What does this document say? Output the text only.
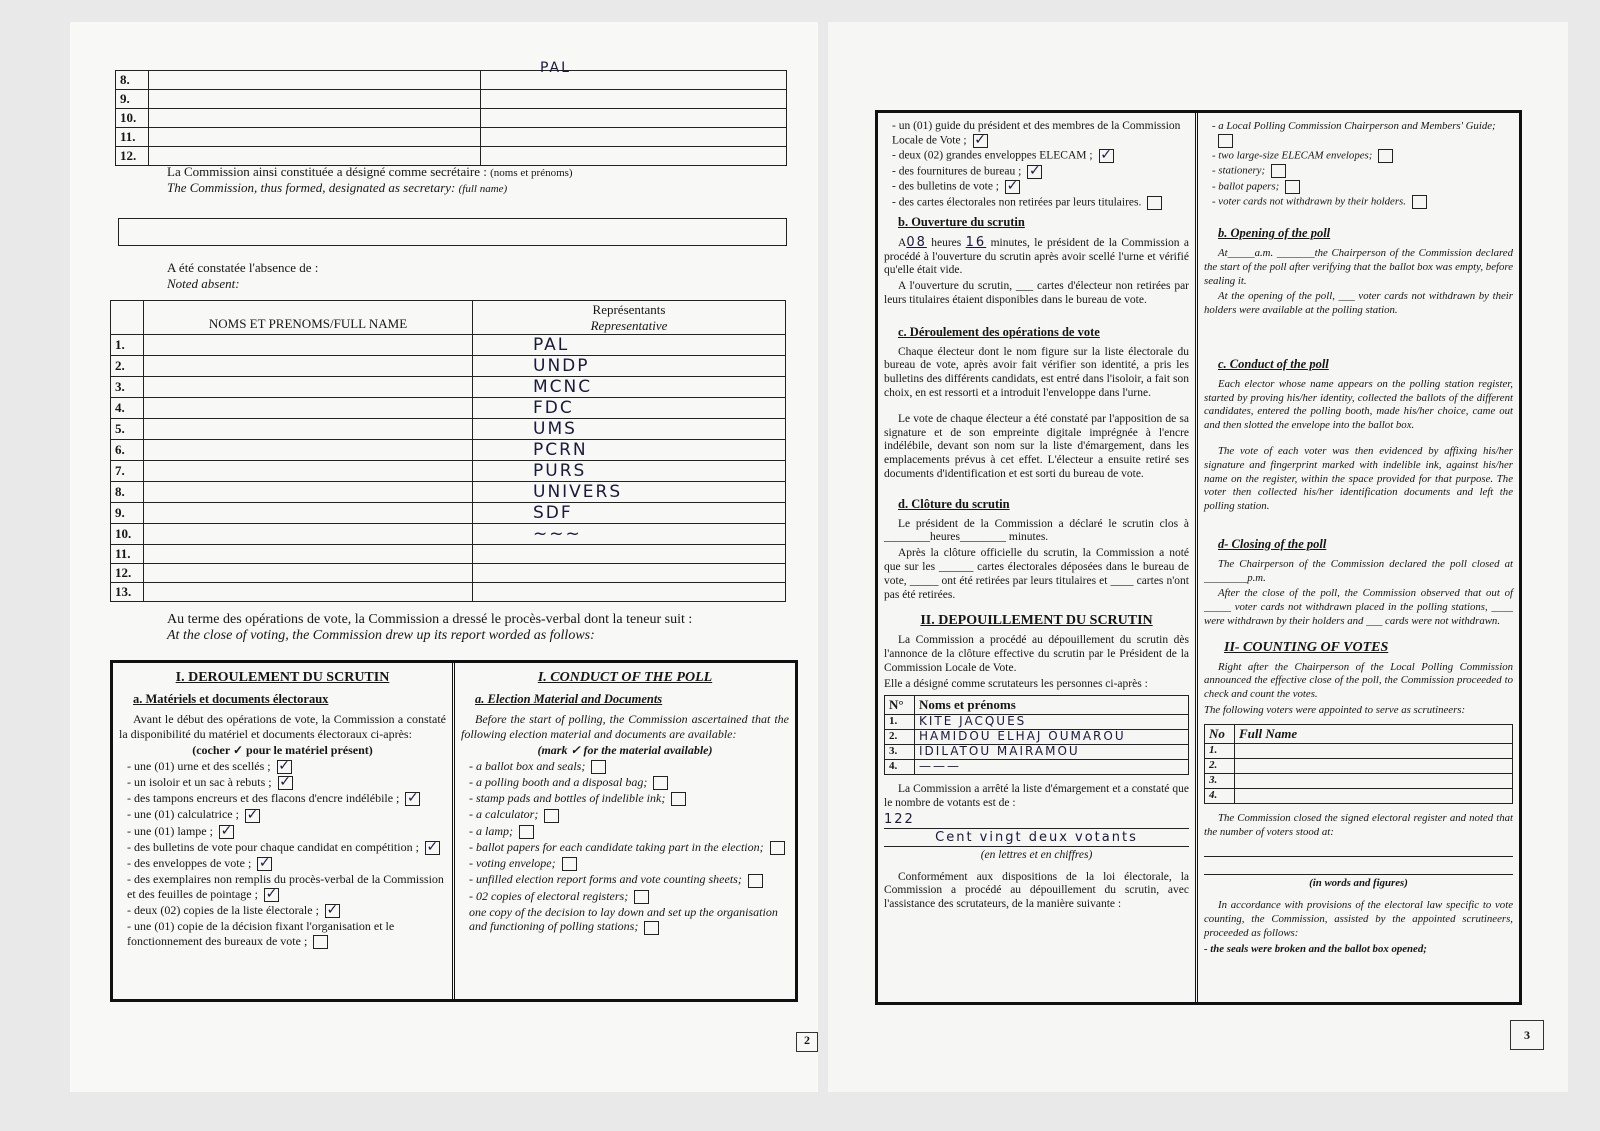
8.		
9.		
10.		
11.		
12.		
PAL
La Commission ainsi constituée a désigné comme secrétaire : (noms et prénoms)
The Commission, thus formed, designated as secretary: (full name)
A été constatée l'absence de :
Noted absent:
	NOMS ET PRENOMS/FULL NAME	Représentants
Representative

1.		PAL
2.		UNDP
3.		MCNC
4.		FDC
5.		UMS
6.		PCRN
7.		PURS
8.		UNIVERS
9.		SDF
10.		~~~
11.		
12.		
13.		
Au terme des opérations de vote, la Commission a dressé le procès-verbal dont la teneur suit :
At the close of voting, the Commission drew up its report worded as follows:
I. DEROULEMENT DU SCRUTIN
a. Matériels et documents électoraux

Avant le début des opérations de vote, la Commission a constaté la disponibilité du matériel et documents électoraux ci-après:

(cocher ✓ pour le matériel présent)
- une (01) urne et des scellés ; ✓
- un isoloir et un sac à rebuts ; ✓
- des tampons encreurs et des flacons d'encre indélébile ; ✓
- une (01) calculatrice ; ✓
- une (01) lampe ; ✓
- des bulletins de vote pour chaque candidat en compétition ; ✓
- des enveloppes de vote ; ✓
- des exemplaires non remplis du procès-verbal de la Commission et des feuilles de pointage ; ✓
- deux (02) copies de la liste électorale ; ✓
- une (01) copie de la décision fixant l'organisation et le fonctionnement des bureaux de vote ;
I. CONDUCT OF THE POLL
a. Election Material and Documents

Before the start of polling, the Commission ascertained that the following election material and documents are available:

(mark ✓ for the material available)
- a ballot box and seals;
- a polling booth and a disposal bag;
- stamp pads and bottles of indelible ink;
- a calculator;
- a lamp;
- ballot papers for each candidate taking part in the election;
- voting envelope;
- unfilled election report forms and vote counting sheets;
- 02 copies of electoral registers;
one copy of the decision to lay down and set up the organisation and functioning of polling stations;
2
- un (01) guide du président et des membres de la Commission Locale de Vote ; ✓
- deux (02) grandes enveloppes ELECAM ; ✓
- des fournitures de bureau ; ✓
- des bulletins de vote ; ✓
- des cartes électorales non retirées par leurs titulaires.
b. Ouverture du scrutin

A08 heures 16 minutes, le président de la Commission a procédé à l'ouverture du scrutin après avoir scellé l'urne et vérifié qu'elle était vide.

A l'ouverture du scrutin, ___ cartes d'électeur non retirées par leurs titulaires étaient disponibles dans le bureau de vote.

c. Déroulement des opérations de vote

Chaque électeur dont le nom figure sur la liste électorale du bureau de vote, après avoir fait vérifier son identité, a pris les bulletins des différents candidats, est entré dans l'isoloir, a fait son choix, en est ressorti et a introduit l'enveloppe dans l'urne.

Le vote de chaque électeur a été constaté par l'apposition de sa signature et de son empreinte digitale imprégnée à l'encre indélébile, devant son nom sur la liste d'émargement, dans les emplacements prévus à cet effet. L'électeur a ensuite retiré ses documents d'identification et est sorti du bureau de vote.

d. Clôture du scrutin

Le président de la Commission a déclaré le scrutin clos à ________heures________ minutes.

Après la clôture officielle du scrutin, la Commission a noté que sur les ______ cartes électorales déposées dans le bureau de vote, _____ ont été retirées par leurs titulaires et ____ cartes n'ont pas été retirées.

II. DEPOUILLEMENT DU SCRUTIN

La Commission a procédé au dépouillement du scrutin dès l'annonce de la clôture effective du scrutin par le Président de la Commission Locale de Vote.

Elle a désigné comme scrutateurs les personnes ci-après :
N°	Noms et prénoms
1.	KITE JACQUES
2.	HAMIDOU ELHAJ OUMAROU
3.	IDILATOU MAIRAMOU
4.	———

La Commission a arrêté la liste d'émargement et a constaté que le nombre de votants est de :

122
Cent vingt deux votants
(en lettres et en chiffres)

Conformément aux dispositions de la loi électorale, la Commission a procédé au dépouillement du scrutin, avec l'assistance des scrutateurs, de la manière suivante :

- a Local Polling Commission Chairperson and Members' Guide;
- two large-size ELECAM envelopes;
- stationery;
- ballot papers;
- voter cards not withdrawn by their holders.
b. Opening of the poll

At_____a.m. _______the Chairperson of the Commission declared the start of the poll after verifying that the ballot box was empty, before sealing it.

At the opening of the poll, ___ voter cards not withdrawn by their holders were available at the polling station.

c. Conduct of the poll

Each elector whose name appears on the polling station register, started by proving his/her identity, collected the ballots of the different candidates, entered the polling booth, made his/her choice, came out and then slotted the envelope into the ballot box.

The vote of each voter was then evidenced by affixing his/her signature and fingerprint marked with indelible ink, against his/her name on the register, within the space provided for that purpose. The voter then collected his/her identification documents and left the polling station.

d- Closing of the poll

The Chairperson of the Commission declared the poll closed at ________p.m.

After the close of the poll, the Commission observed that out of _____ voter cards not withdrawn placed in the polling stations, ____ were withdrawn by their holders and ___ cards were not withdrawn.

II- COUNTING OF VOTES

Right after the Chairperson of the Local Polling Commission announced the effective close of the poll, the Commission proceeded to check and count the votes.

The following voters were appointed to serve as scrutineers:
No	Full Name
1.	
2.	
3.	
4.	

The Commission closed the signed electoral register and noted that the number of voters stood at:

(in words and figures)

In accordance with provisions of the electoral law specific to vote counting, the Commission, assisted by the appointed scrutineers, proceeded as follows:

- the seals were broken and the ballot box opened;
3
